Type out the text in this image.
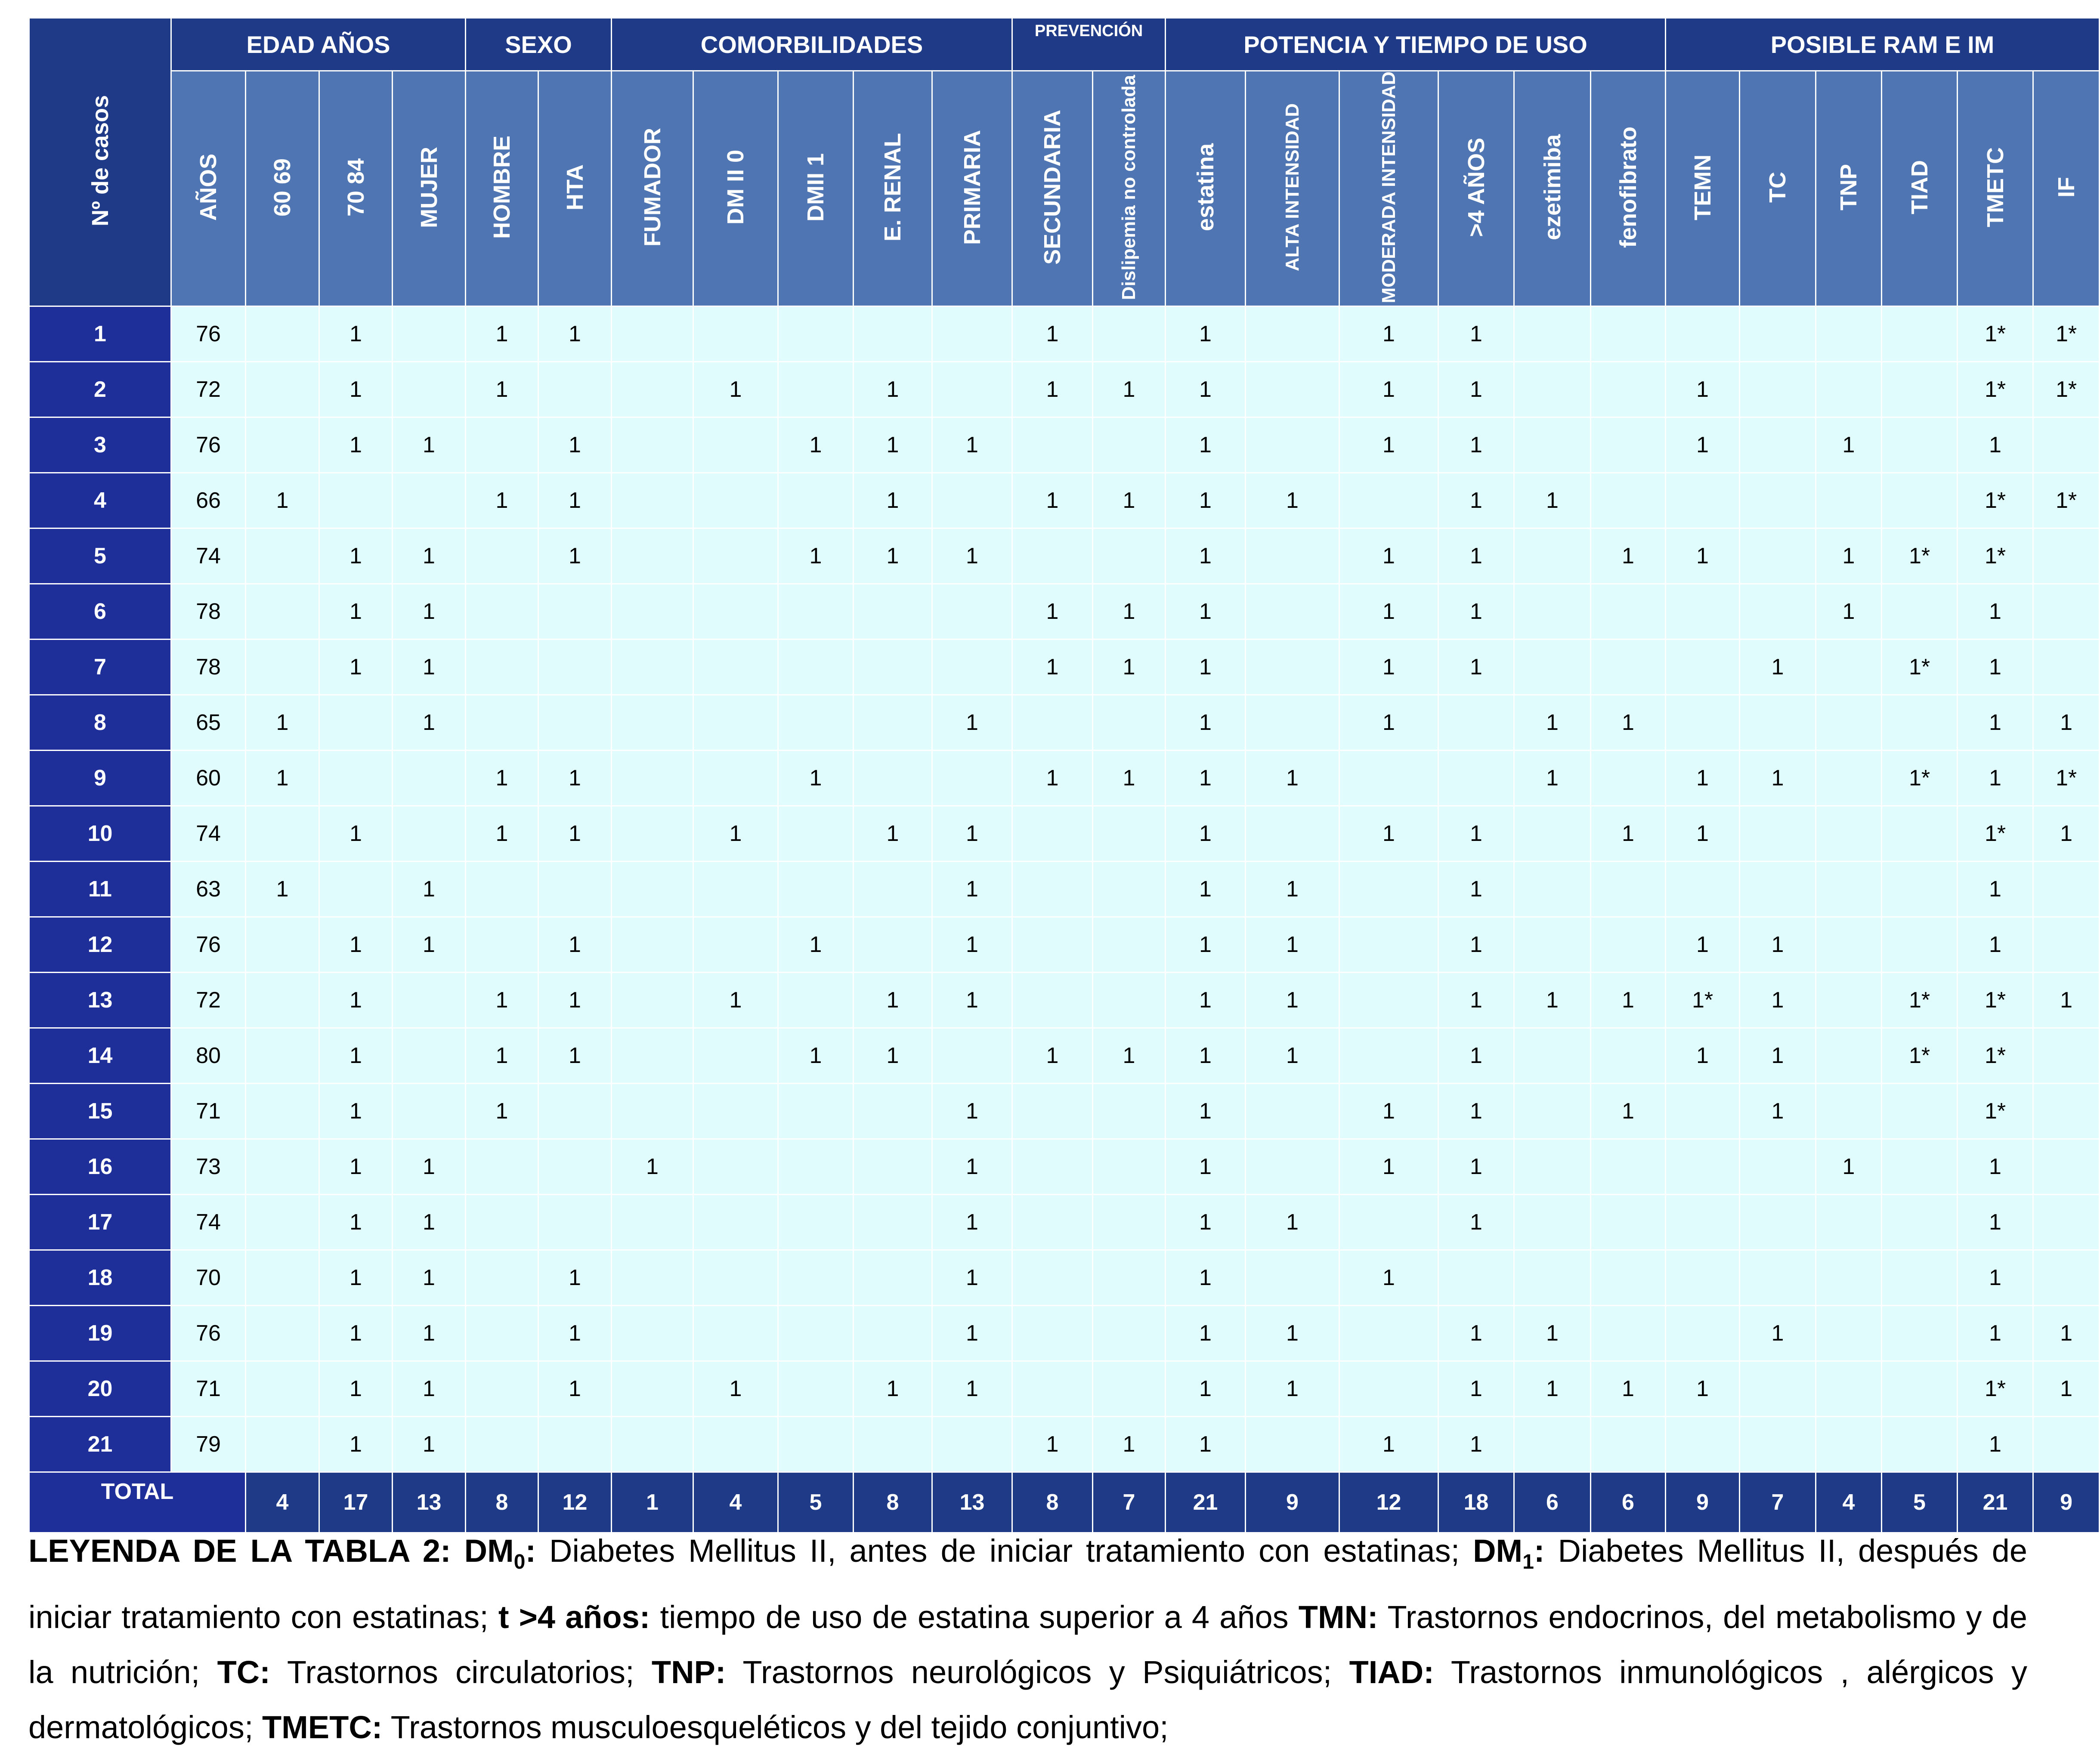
Nº de casos	EDAD AÑOS				SEXO		COMORBILIDADES					PREVENCIÓN		POTENCIA Y TIEMPO DE USO						POSIBLE RAM E IM					
	AÑOS	60 69	70 84	MUJER	HOMBRE	HTA	FUMADOR	DM II 0	DMII 1	E. RENAL	PRIMARIA	SECUNDARIA	Dislipemia no controlada	estatina	ALTA INTENSIDAD	MODERADA INTENSIDAD	>4 AÑOS	ezetimiba	fenofibrato	TEMN	TC	TNP	TIAD	TMETC	IF
1	76		1		1	1						1		1		1	1							1*	1*
2	72		1		1			1		1		1	1	1		1	1			1				1*	1*
3	76		1	1		1			1	1	1			1		1	1			1		1		1	
4	66	1			1	1				1		1	1	1	1		1	1						1*	1*
5	74		1	1		1			1	1	1			1		1	1		1	1		1	1*	1*	
6	78		1	1								1	1	1		1	1					1		1	
7	78		1	1								1	1	1		1	1				1		1*	1	
8	65	1		1							1			1		1		1	1					1	1
9	60	1			1	1			1			1	1	1	1			1		1	1		1*	1	1*
10	74		1		1	1		1		1	1			1		1	1		1	1				1*	1
11	63	1		1							1			1	1		1							1	
12	76		1	1		1			1		1			1	1		1			1	1			1	
13	72		1		1	1		1		1	1			1	1		1	1	1	1*	1		1*	1*	1
14	80		1		1	1			1	1		1	1	1	1		1			1	1		1*	1*	
15	71		1		1						1			1		1	1		1		1			1*	
16	73		1	1			1				1			1		1	1					1		1	
17	74		1	1							1			1	1		1							1	
18	70		1	1		1					1			1		1								1	
19	76		1	1		1					1			1	1		1	1			1			1	1
20	71		1	1		1		1		1	1			1	1		1	1	1	1				1*	1
21	79		1	1								1	1	1		1	1							1	
TOTAL		4	17	13	8	12	1	4	5	8	13	8	7	21	9	12	18	6	6	9	7	4	5	21	9
LEYENDA DE LA TABLA 2: $DM_0$: Diabetes Mellitus II, antes de iniciar tratamiento con estatinas; $DM_1$: Diabetes Mellitus II, después de iniciar tratamiento con estatinas; t >4 años: tiempo de uso de estatina superior a 4 años TMN: Trastornos endocrinos, del metabolismo y de la nutrición; TC: Trastornos circulatorios; TNP: Trastornos neurológicos y Psiquiátricos; TIAD: Trastornos inmunológicos , alérgicos y dermatológicos; TMETC: Trastornos musculoesqueléticos y del tejido conjuntivo;
